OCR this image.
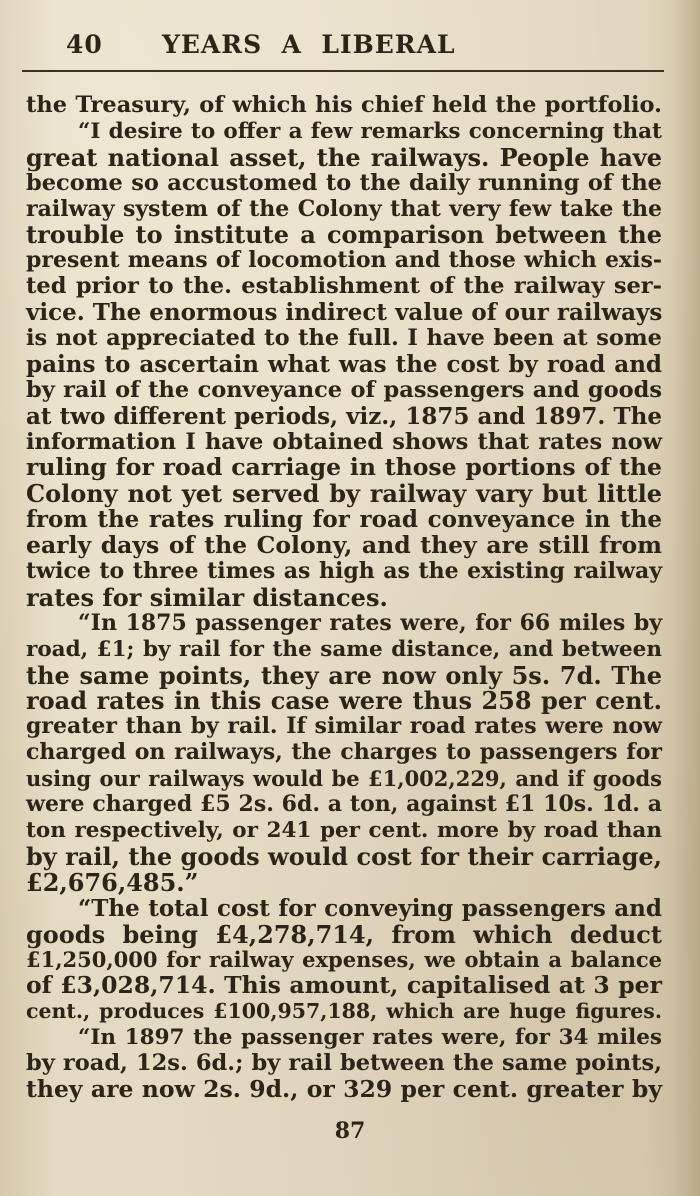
40 YEARS  A  LIBERAL
the Treasury, of which his chief held the portfolio.
“I desire to offer a few remarks concerning that
great national asset, the railways. People have
become so accustomed to the daily running of the
railway system of the Colony that very few take the
trouble to institute a comparison between the
present means of locomotion and those which exis-
ted prior to the. establishment of the railway ser-
vice. The enormous indirect value of our railways
is not appreciated to the full. I have been at some
pains to ascertain what was the cost by road and
by rail of the conveyance of passengers and goods
at two different periods, viz., 1875 and 1897. The
information I have obtained shows that rates now
ruling for road carriage in those portions of the
Colony not yet served by railway vary but little
from the rates ruling for road conveyance in the
early days of the Colony, and they are still from
twice to three times as high as the existing railway
rates for similar distances.
“In 1875 passenger rates were, for 66 miles by
road, £1; by rail for the same distance, and between
the same points, they are now only 5s. 7d. The
road rates in this case were thus 258 per cent.
greater than by rail. If similar road rates were now
charged on railways, the charges to passengers for
using our railways would be £1,002,229, and if goods
were charged £5 2s. 6d. a ton, against £1 10s. 1d. a
ton respectively, or 241 per cent. more by road than
by rail, the goods would cost for their carriage,
£2,676,485.”
“The total cost for conveying passengers and
goods being £4,278,714, from which deduct
£1,250,000 for railway expenses, we obtain a balance
of £3,028,714. This amount, capitalised at 3 per
cent., produces £100,957,188, which are huge figures.
“In 1897 the passenger rates were, for 34 miles
by road, 12s. 6d.; by rail between the same points,
they are now 2s. 9d., or 329 per cent. greater by
87
